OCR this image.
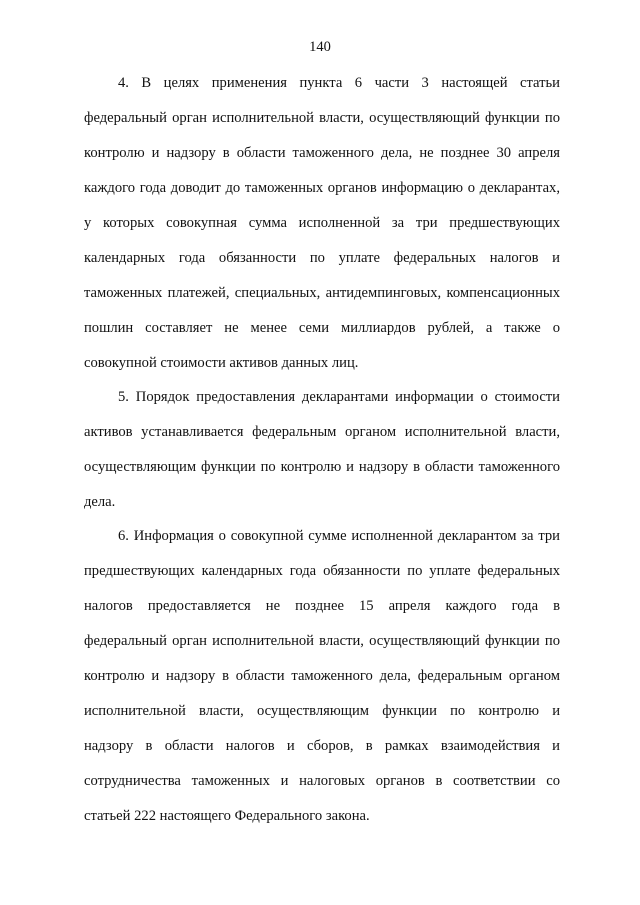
140
4. В целях применения пункта 6 части 3 настоящей статьи
федеральный орган исполнительной власти, осуществляющий функции по
контролю и надзору в области таможенного дела, не позднее 30 апреля
каждого года доводит до таможенных органов информацию о декларантах,
у которых совокупная сумма исполненной за три предшествующих
календарных года обязанности по уплате федеральных налогов и
таможенных платежей, специальных, антидемпинговых, компенсационных
пошлин составляет не менее семи миллиардов рублей, а также о
совокупной стоимости активов данных лиц.
5. Порядок предоставления декларантами информации о стоимости
активов устанавливается федеральным органом исполнительной власти,
осуществляющим функции по контролю и надзору в области таможенного
дела.
6. Информация о совокупной сумме исполненной декларантом за три
предшествующих календарных года обязанности по уплате федеральных
налогов предоставляется не позднее 15 апреля каждого года в
федеральный орган исполнительной власти, осуществляющий функции по
контролю и надзору в области таможенного дела, федеральным органом
исполнительной власти, осуществляющим функции по контролю и
надзору в области налогов и сборов, в рамках взаимодействия и
сотрудничества таможенных и налоговых органов в соответствии со
статьей 222 настоящего Федерального закона.
